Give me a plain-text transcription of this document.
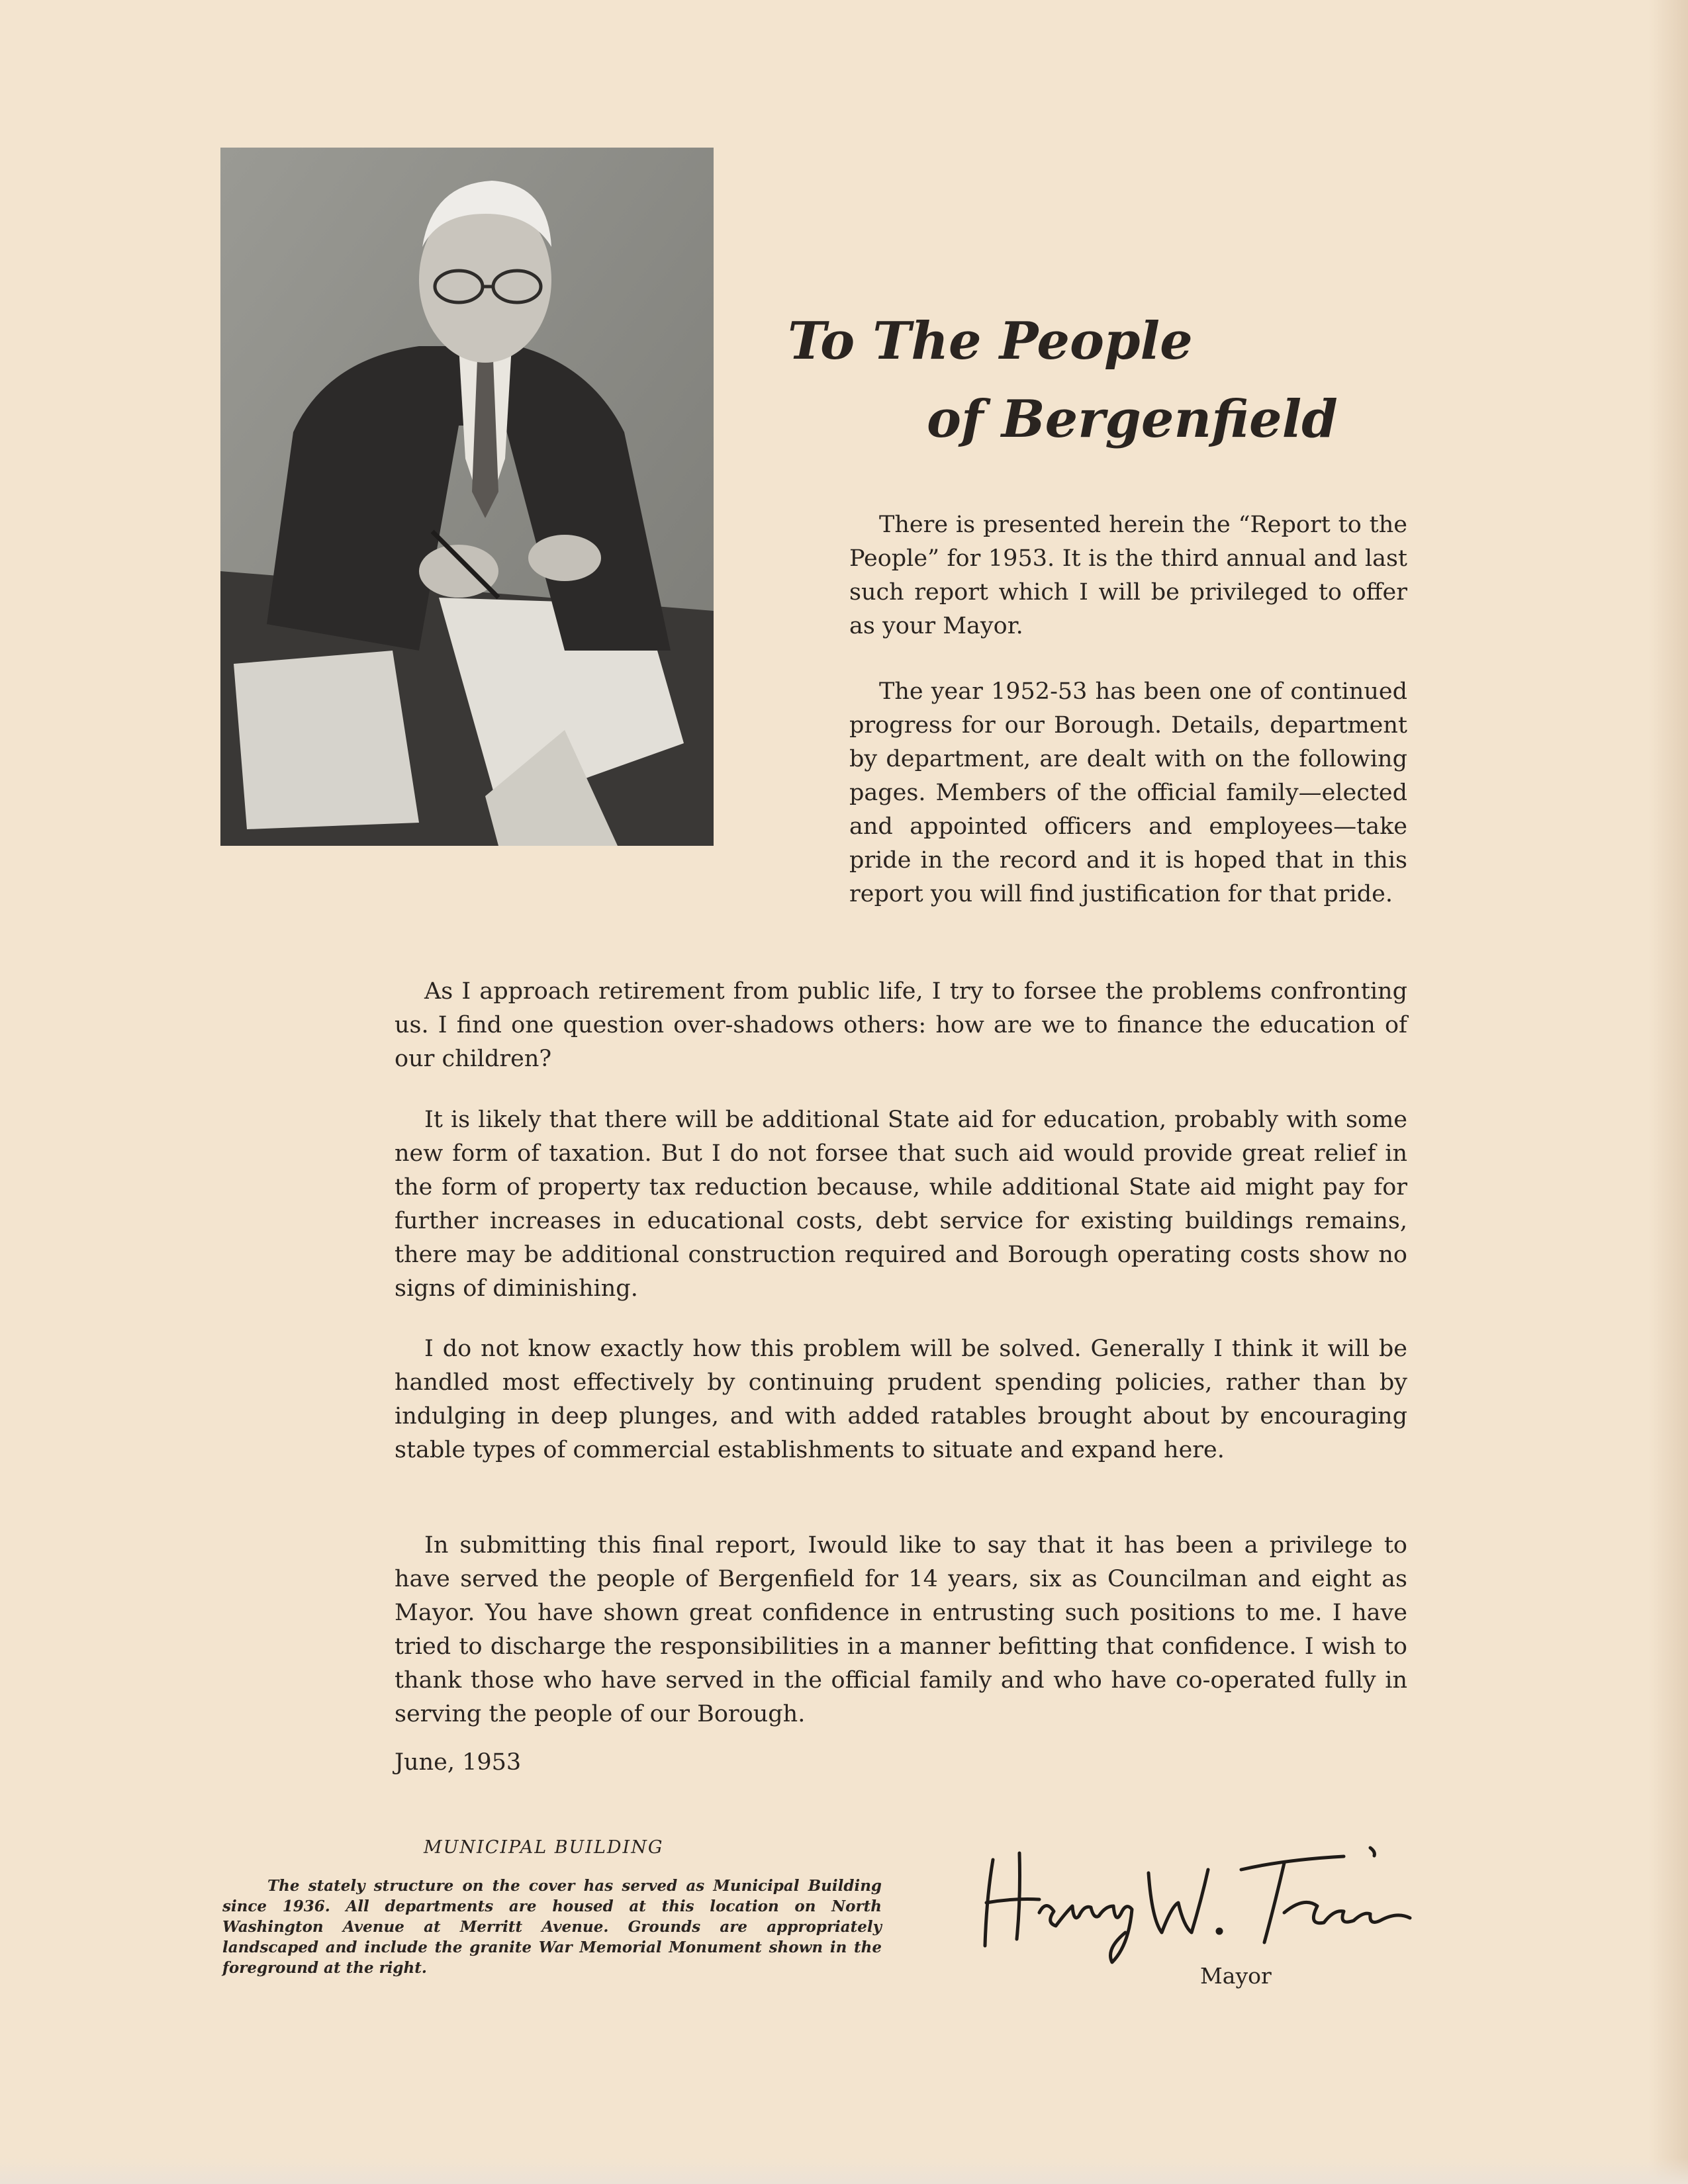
To The People
of Bergenfield

There is presented herein the “Report to the People” for 1953. It is the third annual and last such report which I will be privileged to offer as your Mayor.

The year 1952-53 has been one of continued progress for our Borough. Details, department by department, are dealt with on the following pages. Members of the official family—elected and appointed officers and employees—take pride in the record and it is hoped that in this report you will find justification for that pride.

As I approach retirement from public life, I try to forsee the problems confronting us. I find one question over-shadows others: how are we to finance the education of our children?

It is likely that there will be additional State aid for education, probably with some new form of taxation. But I do not forsee that such aid would provide great relief in the form of property tax reduction because, while additional State aid might pay for further increases in educational costs, debt service for existing buildings remains, there may be additional construction required and Borough operating costs show no signs of diminishing.

I do not know exactly how this problem will be solved. Generally I think it will be handled most effectively by continuing prudent spending policies, rather than by indulging in deep plunges, and with added ratables brought about by encouraging stable types of commercial establishments to situate and expand here.

In submitting this final report, Iwould like to say that it has been a privilege to have served the people of Bergenfield for 14 years, six as Councilman and eight as Mayor. You have shown great confidence in entrusting such positions to me. I have tried to discharge the responsibilities in a manner befitting that confidence. I wish to thank those who have served in the official family and who have co-operated fully in serving the people of our Borough.

June, 1953
MUNICIPAL BUILDING

The stately structure on the cover has served as Municipal Building since 1936. All departments are housed at this location on North Washington Avenue at Merritt Avenue. Grounds are appropriately landscaped and include the granite War Memorial Monument shown in the foreground at the right.	Mayor
